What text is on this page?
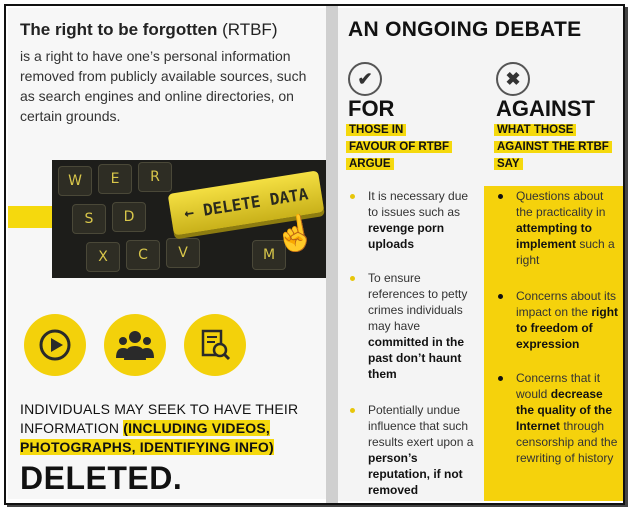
The right to be forgotten (RTBF)
is a right to have one’s personal information removed from publicly available sources, such as search engines and online directories, on certain grounds.
W	E	R
S	D
X	C	V	M
←
DELETE DATA
☝
INDIVIDUALS MAY SEEK TO HAVE THEIR INFORMATION (INCLUDING VIDEOS, PHOTOGRAPHS, IDENTIFYING INFO)
DELETED.
AN ONGOING DEBATE
✔	✖
FOR	AGAINST
THOSE IN
FAVOUR OF RTBF
ARGUE
WHAT THOSE
AGAINST THE RTBF
SAY
It is necessary due to issues such as revenge porn uploads
To ensure references to petty crimes individuals may have committed in the past don’t haunt them
Potentially undue influence that such results exert upon a person’s reputation, if not removed
Questions about the practicality in attempting to implement such a right
Concerns about its impact on the right to freedom of expression
Concerns that it would decrease the quality of the Internet through censorship and the rewriting of history
